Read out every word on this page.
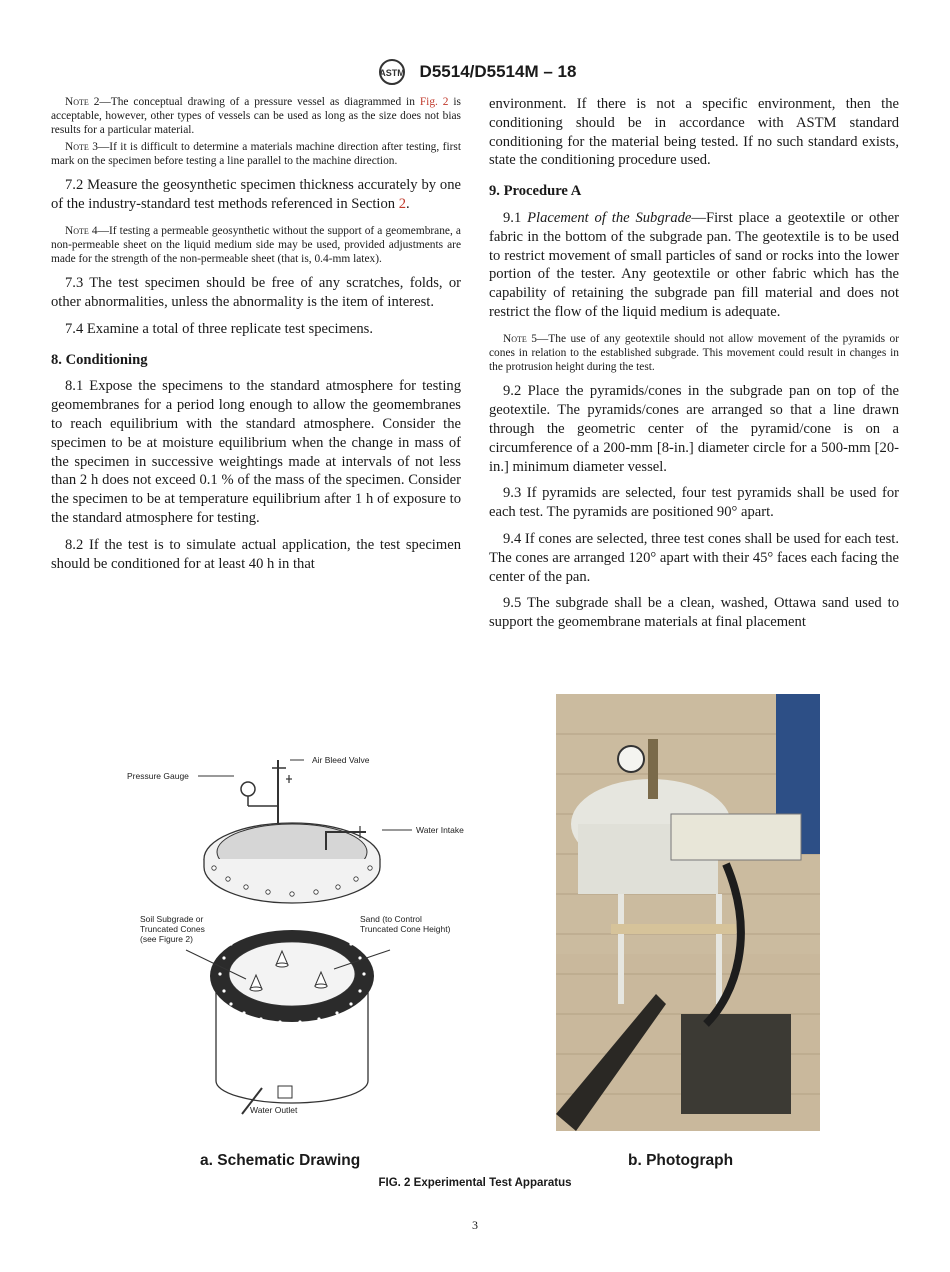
ASTM D5514/D5514M – 18
Note 2—The conceptual drawing of a pressure vessel as diagrammed in Fig. 2 is acceptable, however, other types of vessels can be used as long as the size does not bias results for a particular material.
Note 3—If it is difficult to determine a materials machine direction after testing, first mark on the specimen before testing a line parallel to the machine direction.

7.2 Measure the geosynthetic specimen thickness accurately by one of the industry-standard test methods referenced in Section 2.

Note 4—If testing a permeable geosynthetic without the support of a geomembrane, a non-permeable sheet on the liquid medium side may be used, provided adjustments are made for the strength of the non-permeable sheet (that is, 0.4-mm latex).

7.3 The test specimen should be free of any scratches, folds, or other abnormalities, unless the abnormality is the item of interest.

7.4 Examine a total of three replicate test specimens.

8. Conditioning

8.1 Expose the specimens to the standard atmosphere for testing geomembranes for a period long enough to allow the geomembranes to reach equilibrium with the standard atmosphere. Consider the specimen to be at moisture equilibrium when the change in mass of the specimen in successive weightings made at intervals of not less than 2 h does not exceed 0.1 % of the mass of the specimen. Consider the specimen to be at temperature equilibrium after 1 h of exposure to the standard atmosphere for testing.

8.2 If the test is to simulate actual application, the test specimen should be conditioned for at least 40 h in that

environment. If there is not a specific environment, then the conditioning should be in accordance with ASTM standard conditioning for the material being tested. If no such standard exists, state the conditioning procedure used.

9. Procedure A

9.1 Placement of the Subgrade—First place a geotextile or other fabric in the bottom of the subgrade pan. The geotextile is to be used to restrict movement of small particles of sand or rocks into the lower portion of the tester. Any geotextile or other fabric which has the capability of retaining the subgrade pan fill material and does not restrict the flow of the liquid medium is adequate.

Note 5—The use of any geotextile should not allow movement of the pyramids or cones in relation to the established subgrade. This movement could result in changes in the protrusion height during the test.

9.2 Place the pyramids/cones in the subgrade pan on top of the geotextile. The pyramids/cones are arranged so that a line drawn through the geometric center of the pyramid/cone is on a circumference of a 200-mm [8-in.] diameter circle for a 500-mm [20-in.] minimum diameter vessel.

9.3 If pyramids are selected, four test pyramids shall be used for each test. The pyramids are positioned 90° apart.

9.4 If cones are selected, three test cones shall be used for each test. The cones are arranged 120° apart with their 45° faces each facing the center of the pan.

9.5 The subgrade shall be a clean, washed, Ottawa sand used to support the geomembrane materials at final placement

Pressure Gauge
Air Bleed Valve
Water Intake
Soil Subgrade or
Truncated Cones
(see Figure 2)
Sand (to Control
Truncated Cone Height)
Water Outlet
a. Schematic Drawing	b. Photograph
FIG. 2 Experimental Test Apparatus
3
